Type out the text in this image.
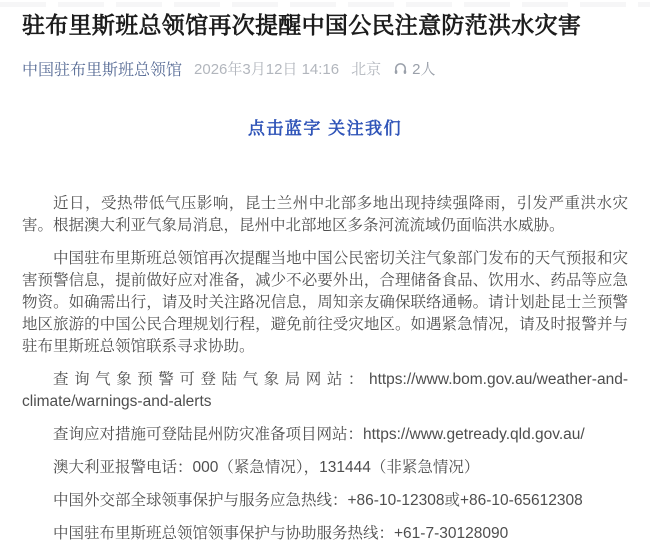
驻布里斯班总领馆再次提醒中国公民注意防范洪水灾害
中国驻布里斯班总领馆 2026年3月12日 14:16 北京 2人
点击蓝字 关注我们

近日，受热带低气压影响，昆士兰州中北部多地出现持续强降雨，引发严重洪水灾害。根据澳大利亚气象局消息，昆州中北部地区多条河流流域仍面临洪水威胁。

中国驻布里斯班总领馆再次提醒当地中国公民密切关注气象部门发布的天气预报和灾害预警信息，提前做好应对准备，减少不必要外出，合理储备食品、饮用水、药品等应急物资。如确需出行，请及时关注路况信息，周知亲友确保联络通畅。请计划赴昆士兰预警地区旅游的中国公民合理规划行程，避免前往受灾地区。如遇紧急情况，请及时报警并与驻布里斯班总领馆联系寻求协助。

查询气象预警可登陆气象局网站：https://www.bom.gov.au/weather-and-climate/warnings-and-alerts

查询应对措施可登陆昆州防灾准备项目网站：https://www.getready.qld.gov.au/

澳大利亚报警电话：000（紧急情况），131444（非紧急情况）

中国外交部全球领事保护与服务应急热线：+86-10-12308或+86-10-65612308

中国驻布里斯班总领馆领事保护与协助服务热线：+61-7-30128090
